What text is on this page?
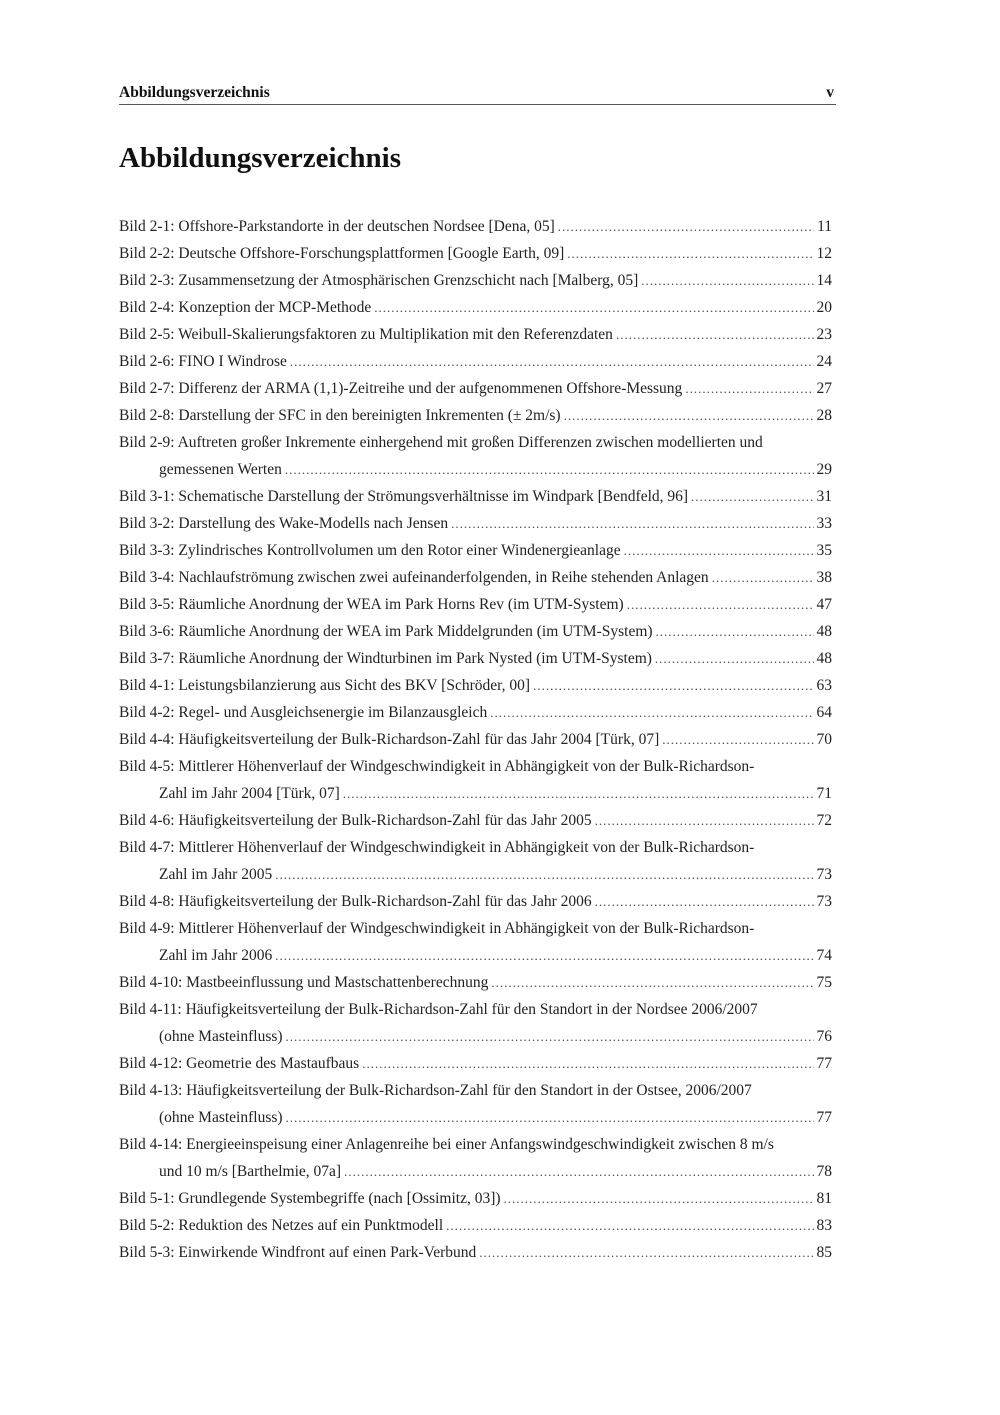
Abbildungsverzeichnis	v
Abbildungsverzeichnis
Bild 2-1: Offshore-Parkstandorte in der deutschen Nordsee [Dena, 05] .....	11
Bild 2-2: Deutsche Offshore-Forschungsplattformen [Google Earth, 09] .....	12
Bild 2-3: Zusammensetzung der Atmosphärischen Grenzschicht nach [Malberg, 05] .....	14
Bild 2-4: Konzeption der MCP-Methode .....	20
Bild 2-5: Weibull-Skalierungsfaktoren zu Multiplikation mit den Referenzdaten .....	23
Bild 2-6: FINO I Windrose .....	24
Bild 2-7: Differenz der ARMA (1,1)-Zeitreihe und der aufgenommenen Offshore-Messung .....	27
Bild 2-8: Darstellung der SFC in den bereinigten Inkrementen (± 2m/s) .....	28
Bild 2-9: Auftreten großer Inkremente einhergehend mit großen Differenzen zwischen modellierten und
gemessenen Werten .....	29
Bild 3-1: Schematische Darstellung der Strömungsverhältnisse im Windpark [Bendfeld, 96] .....	31
Bild 3-2: Darstellung des Wake-Modells nach Jensen .....	33
Bild 3-3: Zylindrisches Kontrollvolumen um den Rotor einer Windenergieanlage .....	35
Bild 3-4: Nachlaufströmung zwischen zwei aufeinanderfolgenden, in Reihe stehenden Anlagen .....	38
Bild 3-5: Räumliche Anordnung der WEA im Park Horns Rev (im UTM-System) .....	47
Bild 3-6: Räumliche Anordnung der WEA im Park Middelgrunden (im UTM-System) .....	48
Bild 3-7: Räumliche Anordnung der Windturbinen im Park Nysted (im UTM-System) .....	48
Bild 4-1: Leistungsbilanzierung aus Sicht des BKV [Schröder, 00] .....	63
Bild 4-2: Regel- und Ausgleichsenergie im Bilanzausgleich .....	64
Bild 4-4: Häufigkeitsverteilung der Bulk-Richardson-Zahl für das Jahr 2004 [Türk, 07] .....	70
Bild 4-5: Mittlerer Höhenverlauf der Windgeschwindigkeit in Abhängigkeit von der Bulk-Richardson-
Zahl im Jahr 2004 [Türk, 07] .....	71
Bild 4-6: Häufigkeitsverteilung der Bulk-Richardson-Zahl für das Jahr 2005 .....	72
Bild 4-7: Mittlerer Höhenverlauf der Windgeschwindigkeit in Abhängigkeit von der Bulk-Richardson-
Zahl im Jahr 2005 .....	73
Bild 4-8: Häufigkeitsverteilung der Bulk-Richardson-Zahl für das Jahr 2006 .....	73
Bild 4-9: Mittlerer Höhenverlauf der Windgeschwindigkeit in Abhängigkeit von der Bulk-Richardson-
Zahl im Jahr 2006 .....	74
Bild 4-10: Mastbeeinflussung und Mastschattenberechnung .....	75
Bild 4-11: Häufigkeitsverteilung der Bulk-Richardson-Zahl für den Standort in der Nordsee 2006/2007
(ohne Masteinfluss) .....	76
Bild 4-12: Geometrie des Mastaufbaus .....	77
Bild 4-13: Häufigkeitsverteilung der Bulk-Richardson-Zahl für den Standort in der Ostsee, 2006/2007
(ohne Masteinfluss) .....	77
Bild 4-14: Energieeinspeisung einer Anlagenreihe bei einer Anfangswindgeschwindigkeit zwischen 8 m/s
und 10 m/s [Barthelmie, 07a] .....	78
Bild 5-1: Grundlegende Systembegriffe (nach [Ossimitz, 03]) .....	81
Bild 5-2: Reduktion des Netzes auf ein Punktmodell .....	83
Bild 5-3: Einwirkende Windfront auf einen Park-Verbund .....	85
